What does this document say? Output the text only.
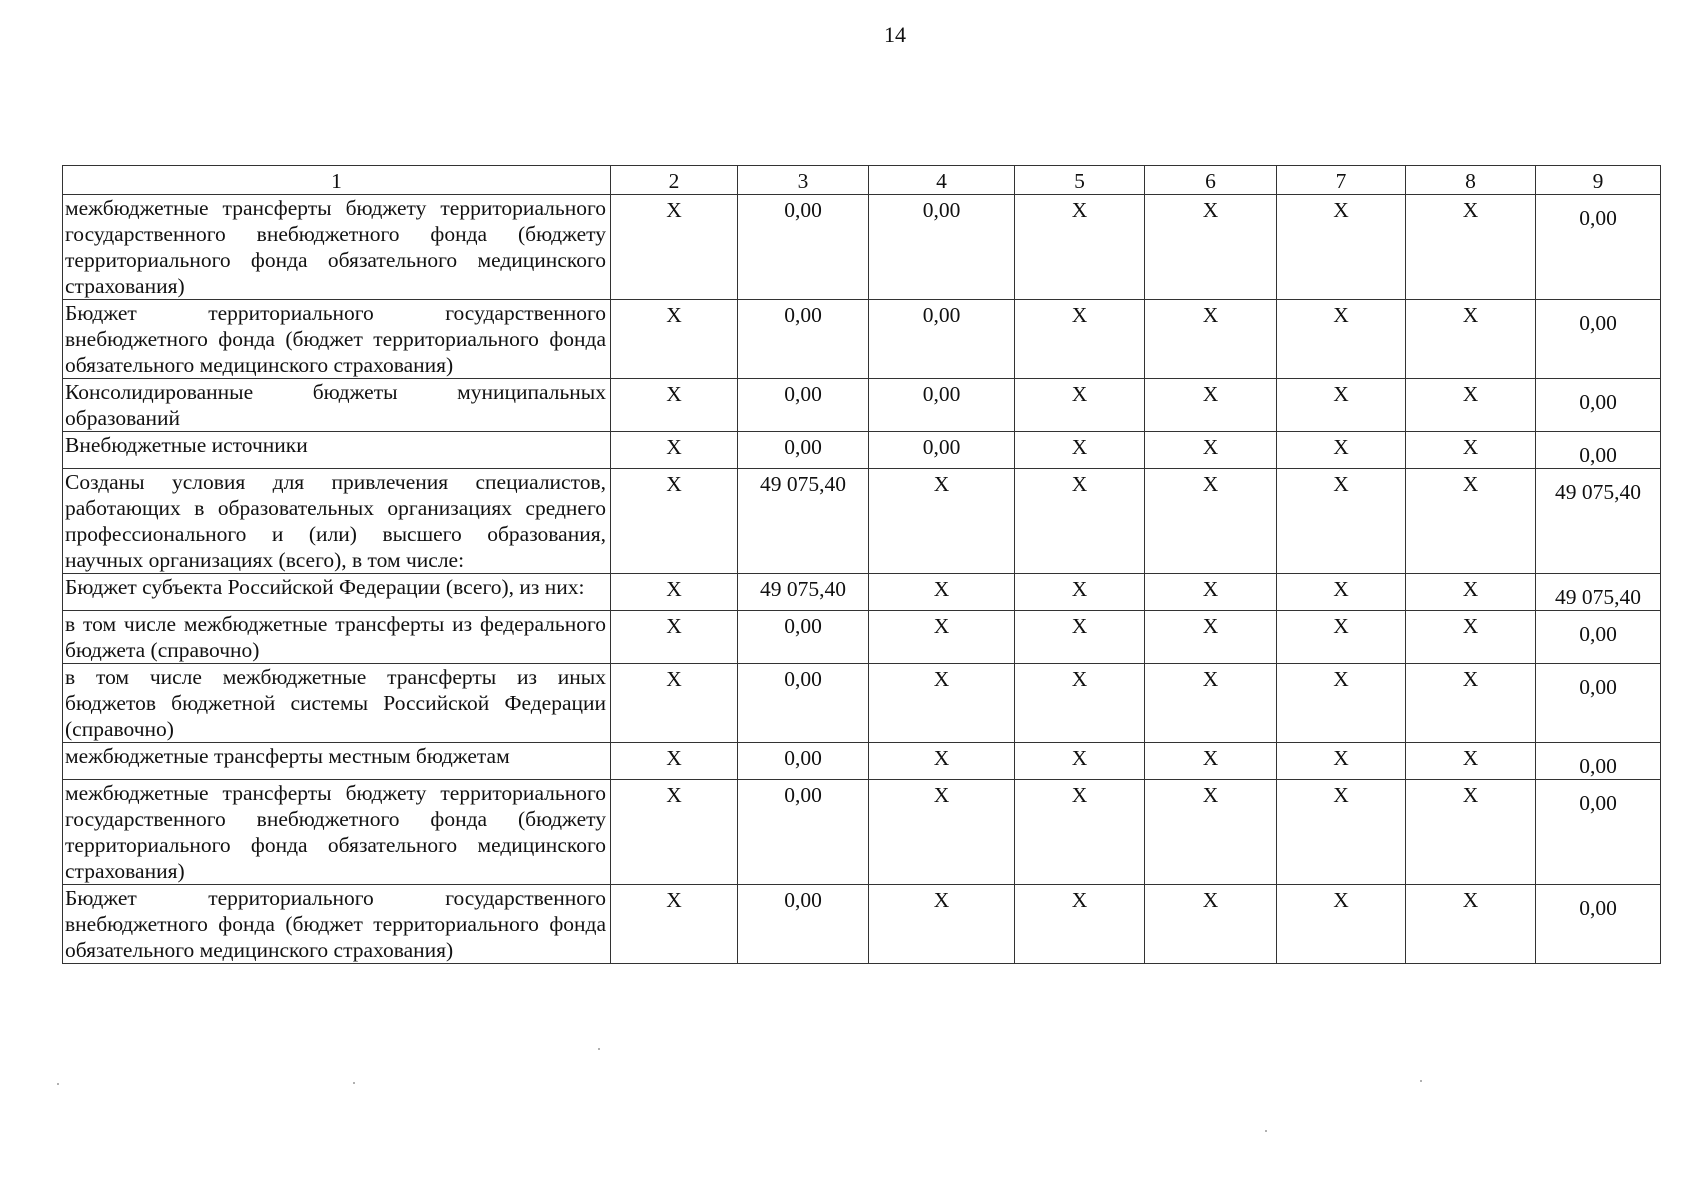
14
1	2	3	4	5	6	7	8	9
межбюджетные трансферты бюджету территориального государственного внебюджетного фонда (бюджету территориального фонда обязательного медицинского страхования)	X	0,00	0,00	X	X	X	X	0,00
Бюджет территориального государственного внебюджетного фонда (бюджет территориального фонда обязательного медицинского страхования)	X	0,00	0,00	X	X	X	X	0,00
Консолидированные бюджеты муниципальных образований	X	0,00	0,00	X	X	X	X	0,00
Внебюджетные источники	X	0,00	0,00	X	X	X	X	0,00
Созданы условия для привлечения специалистов, работающих в образовательных организациях среднего профессионального и (или) высшего образования, научных организациях (всего), в том числе:	X	49 075,40	X	X	X	X	X	49 075,40
Бюджет субъекта Российской Федерации (всего), из них:	X	49 075,40	X	X	X	X	X	49 075,40
в том числе межбюджетные трансферты из федерального бюджета (справочно)	X	0,00	X	X	X	X	X	0,00
в том числе межбюджетные трансферты из иных бюджетов бюджетной системы Российской Федерации (справочно)	X	0,00	X	X	X	X	X	0,00
межбюджетные трансферты местным бюджетам	X	0,00	X	X	X	X	X	0,00
межбюджетные трансферты бюджету территориального государственного внебюджетного фонда (бюджету территориального фонда обязательного медицинского страхования)	X	0,00	X	X	X	X	X	0,00
Бюджет территориального государственного внебюджетного фонда (бюджет территориального фонда обязательного медицинского страхования)	X	0,00	X	X	X	X	X	0,00
